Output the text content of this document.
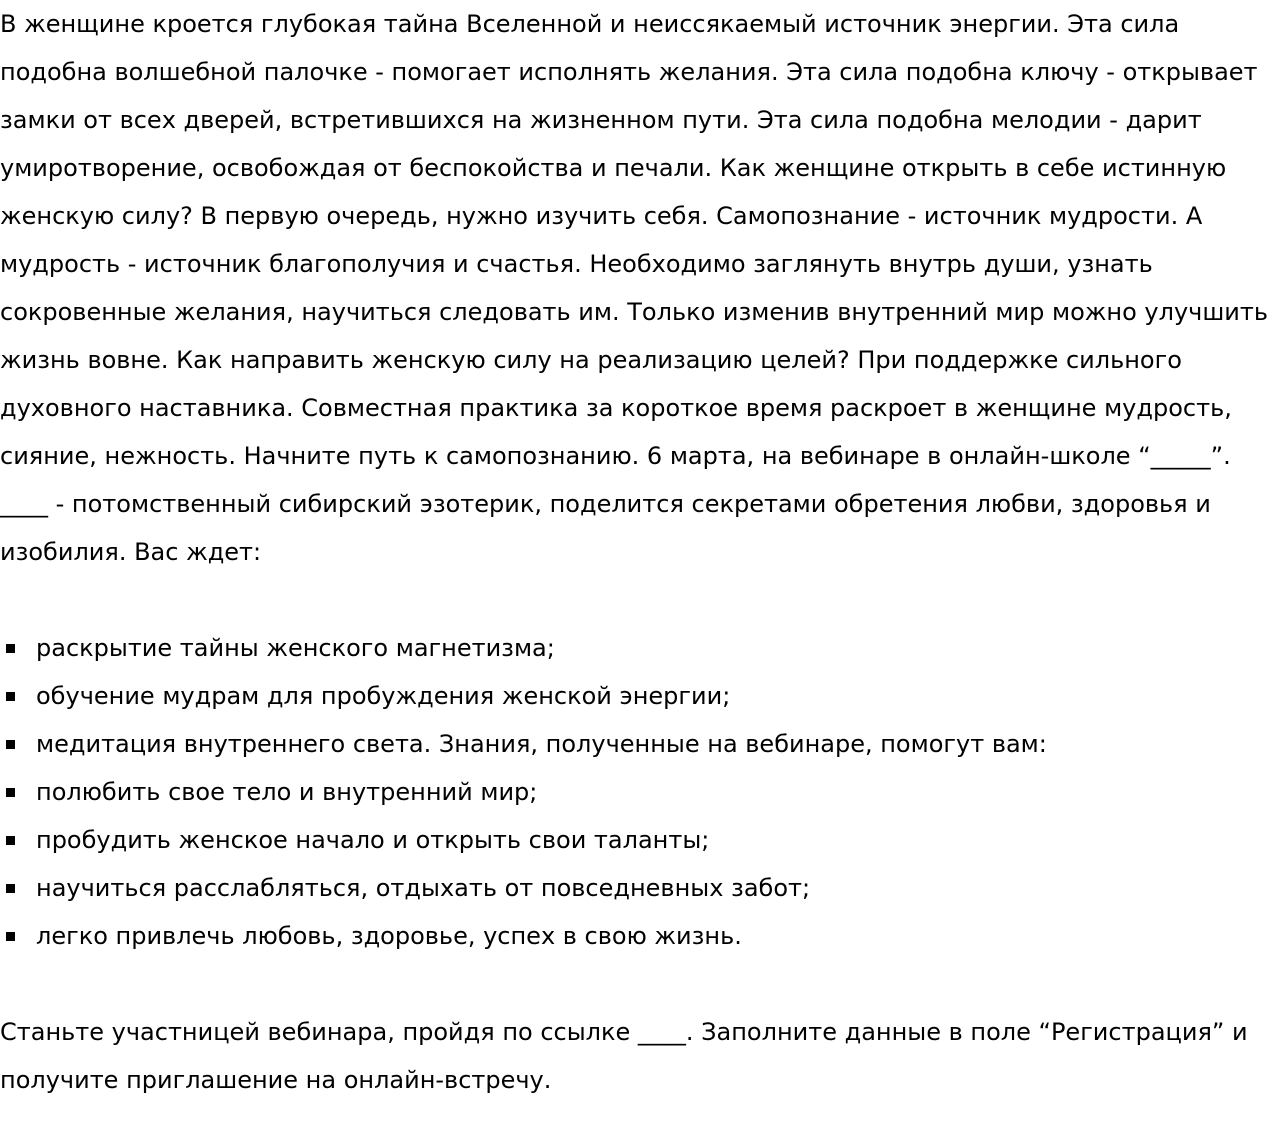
В женщине кроется глубокая тайна Вселенной и неиссякаемый источник энергии. Эта сила подобна волшебной палочке - помогает исполнять желания. Эта сила подобна ключу - открывает замки от всех дверей, встретившихся на жизненном пути. Эта сила подобна мелодии - дарит умиротворение, освобождая от беспокойства и печали. Как женщине открыть в себе истинную женскую силу? В первую очередь, нужно изучить себя. Самопознание - источник мудрости. А мудрость - источник благополучия и счастья. Необходимо заглянуть внутрь души, узнать сокровенные желания, научиться следовать им. Только изменив внутренний мир можно улучшить жизнь вовне. Как направить женскую силу на реализацию целей? При поддержке сильного духовного наставника. Совместная практика за короткое время раскроет в женщине мудрость, сияние, нежность. Начните путь к самопознанию. 6 марта, на вебинаре в онлайн-школе “_____”. ____ - потомственный сибирский эзотерик, поделится секретами обретения любви, здоровья и изобилия. Вас ждет:

раскрытие тайны женского магнетизма;
обучение мудрам для пробуждения женской энергии;
медитация внутреннего света. Знания, полученные на вебинаре, помогут вам:
полюбить свое тело и внутренний мир;
пробудить женское начало и открыть свои таланты;
научиться расслабляться, отдыхать от повседневных забот;
легко привлечь любовь, здоровье, успех в свою жизнь.

Станьте участницей вебинара, пройдя по ссылке ____. Заполните данные в поле “Регистрация” и получите приглашение на онлайн-встречу.
